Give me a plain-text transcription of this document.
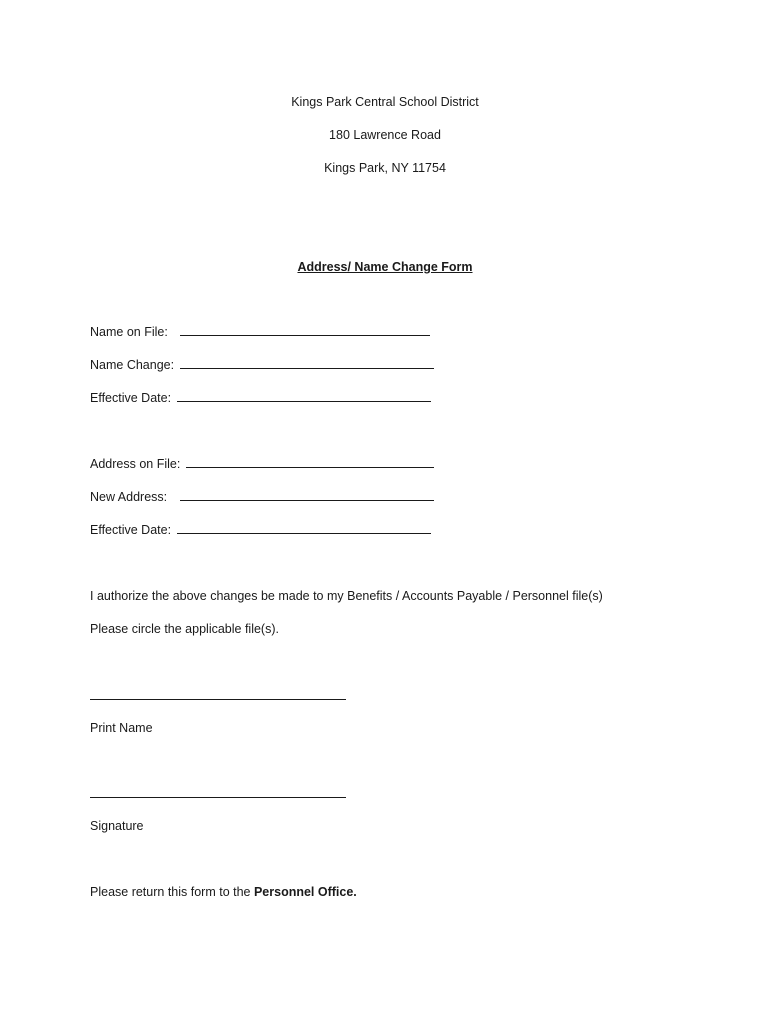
Kings Park Central School District
180 Lawrence Road
Kings Park, NY 11754
Address/ Name Change Form
Name on File:
Name Change:
Effective Date:
Address on File:
New Address:
Effective Date:
I authorize the above changes be made to my Benefits / Accounts Payable / Personnel file(s)
Please circle the applicable file(s).
Print Name
Signature
Please return this form to the Personnel Office.
